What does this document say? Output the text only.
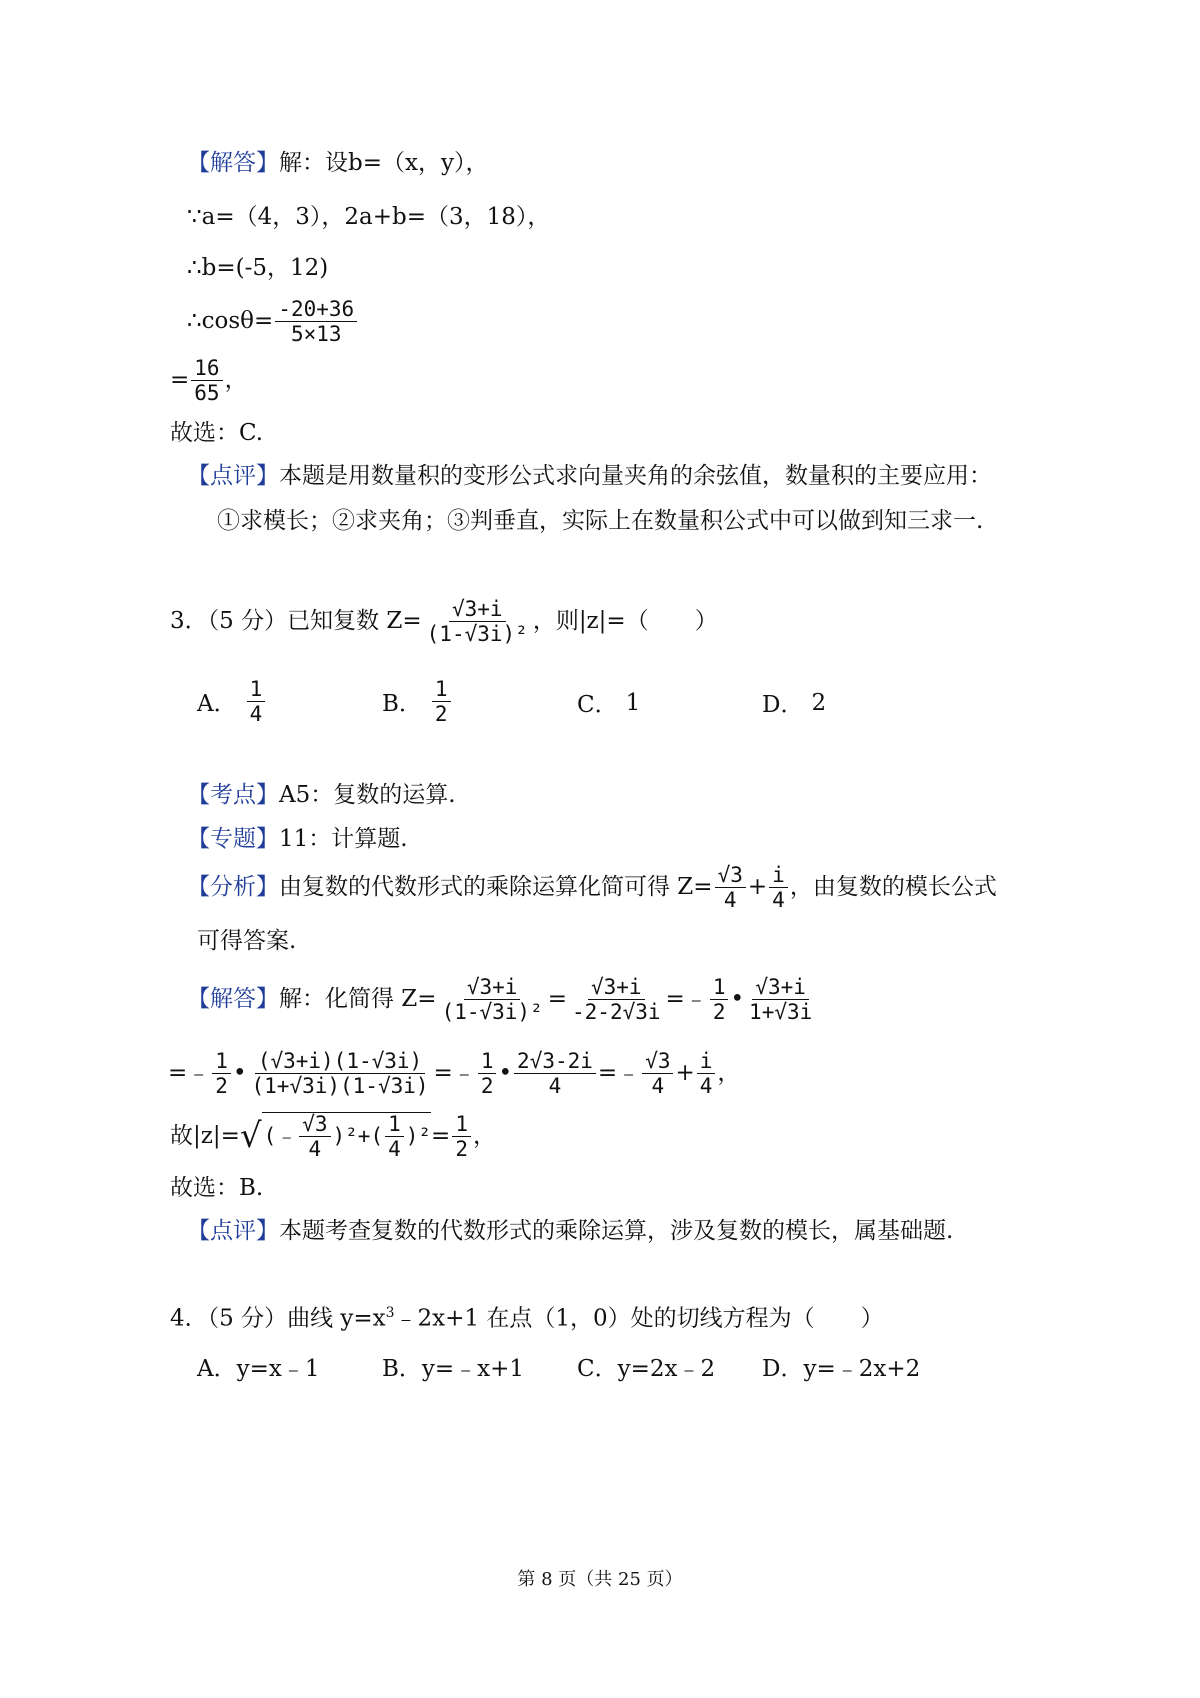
【解答】解：设b=（x，y），
∵a=（4，3），2a+b=（3，18），
∴b=(-5，12)
∴cosθ= $\frac{-20+36}{5\times 13}$
= $\frac{16}{65}$ ，
故选：C.
【点评】本题是用数量积的变形公式求向量夹角的余弦值，数量积的主要应用：
①求模长；②求夹角；③判垂直，实际上在数量积公式中可以做到知三求一.
3．（5 分）已知复数 $Z= \frac{√3+i}{\text{(1-√3i)²}}$ ，则|z|=（　　）
A． $\frac{1}{4}$	B． $\frac{1}{2}$	C． 1	D． 2
【考点】A5：复数的运算.
【专题】11：计算题.
【分析】 由复数的代数形式的乘除运算化简可得 $Z= \frac{√3}{4} + \frac{i}{4}$ ，由复数的模长公式
可得答案.
【解答】 解：化简得 $Z= \frac{√3+i}{\text{(1-√3i)²}} = \frac{√3+i}{-2-2√3i}$ =﹣ $\frac{1}{2}$ • $\frac{√3+i}{1+√3i}$
=﹣ $\frac{1}{2}$ • $\frac{(√3+i)(1-√3i)}{(1+√3i)(1-√3i)}$ =﹣ $\frac{1}{2}$ • $\frac{2√3-2i}{4}$ =﹣ $\frac{√3}{4} + \frac{i}{4}$ ，
故|z|= √ (﹣ $\frac{√3}{4} )^2+( \frac{1}{4} )^2 = \frac{1}{2}$ ，
故选：B.
【点评】本题考查复数的代数形式的乘除运算，涉及复数的模长，属基础题.
4．（5 分）曲线 $y=x^3﹣2x+1$ 在点（1，0）处的切线方程为（　　）
A． y=x﹣1	B． y=﹣x+1 C． y=2x﹣2 D． y=﹣2x+2
第 8 页（共 25 页）
